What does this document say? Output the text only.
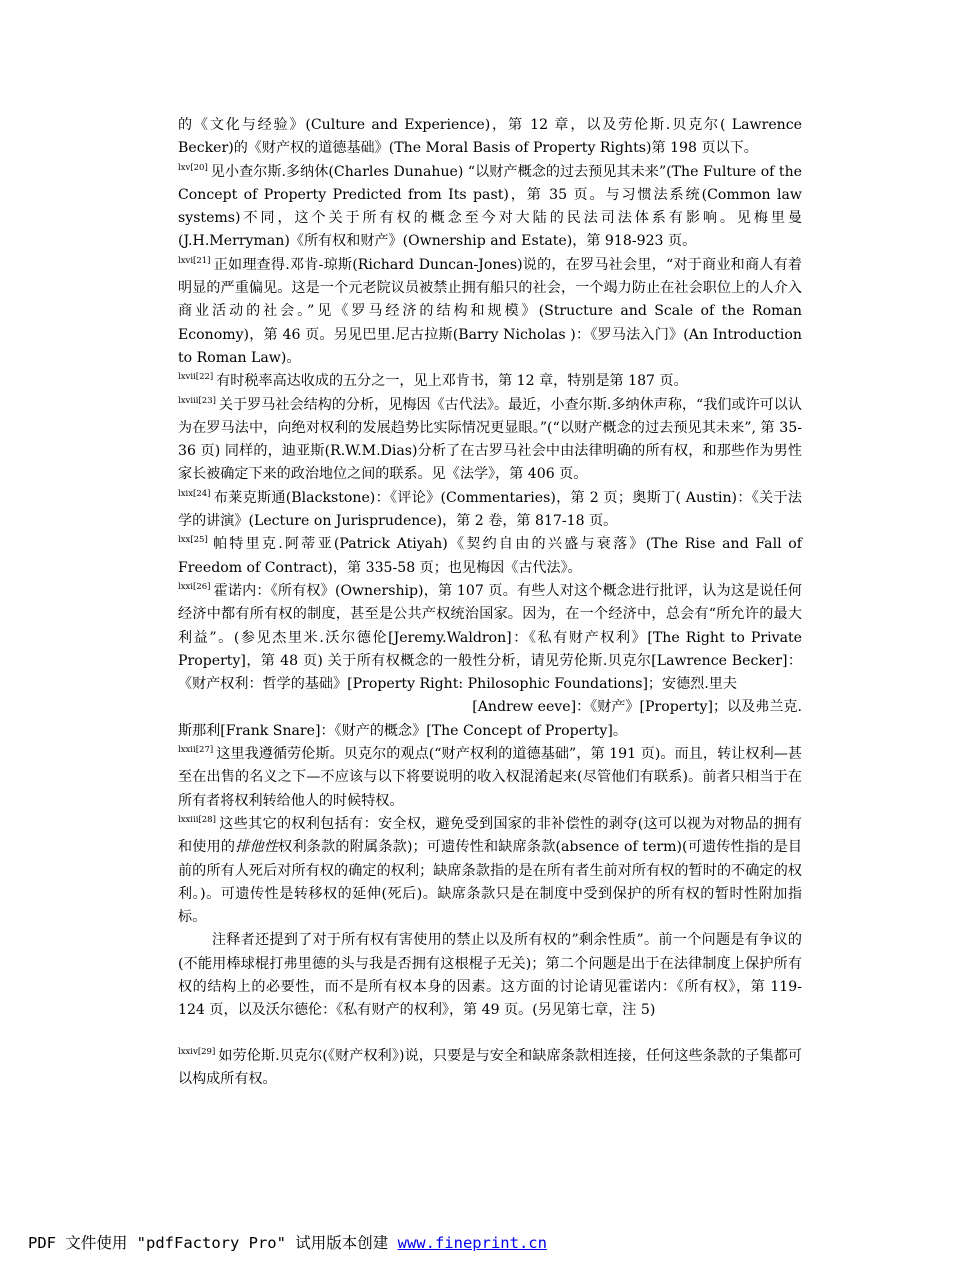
的《文化与经验》(Culture and Experience)，第 12 章，以及劳伦斯.贝克尔( Lawrence Becker)的《财产权的道德基础》(The Moral Basis of Property Rights)第 198 页以下。

$^{lxv[20]}$ 见小查尔斯.多纳休(Charles Dunahue) “以财产概念的过去预见其未来”(The Fulture of the Concept of Property Predicted from Its past)，第 35 页。与习惯法系统(Common law systems)不同，这个关于所有权的概念至今对大陆的民法司法体系有影响。见梅里曼(J.H.Merryman)《所有权和财产》(Ownership and Estate)，第 918-923 页。

$^{lxvi[21]}$ 正如理查得.邓肯-琼斯(Richard Duncan-Jones)说的，在罗马社会里，“对于商业和商人有着明显的严重偏见。这是一个元老院议员被禁止拥有船只的社会，一个竭力防止在社会职位上的人介入商业活动的社会。”见《罗马经济的结构和规模》(Structure and Scale of the Roman Economy)，第 46 页。另见巴里.尼古拉斯(Barry Nicholas )：《罗马法入门》(An Introduction to Roman Law)。

$^{lxvii[22]}$ 有时税率高达收成的五分之一，见上邓肯书，第 12 章，特别是第 187 页。

$^{lxviii[23]}$ 关于罗马社会结构的分析，见梅因《古代法》。最近，小查尔斯.多纳休声称，“我们或许可以认为在罗马法中，向绝对权利的发展趋势比实际情况更显眼。”(“以财产概念的过去预见其未来”, 第 35-36 页) 同样的，迪亚斯(R.W.M.Dias)分析了在古罗马社会中由法律明确的所有权，和那些作为男性家长被确定下来的政治地位之间的联系。见《法学》，第 406 页。

$^{lxix[24]}$ 布莱克斯通(Blackstone)：《评论》(Commentaries)，第 2 页；奥斯丁( Austin)：《关于法学的讲演》(Lecture on Jurisprudence)，第 2 卷，第 817-18 页。

$^{lxx[25]}$ 帕特里克.阿蒂亚(Patrick Atiyah)《契约自由的兴盛与衰落》(The Rise and Fall of Freedom of Contract)，第 335-58 页；也见梅因《古代法》。

$^{lxxi[26]}$ 霍诺内：《所有权》(Ownership)，第 107 页。有些人对这个概念进行批评，认为这是说任何经济中都有所有权的制度，甚至是公共产权统治国家。因为，在一个经济中，总会有“所允许的最大利益”。(参见杰里米.沃尔德伦[Jeremy.Waldron]：《私有财产权利》[The Right to Private Property]，第 48 页) 关于所有权概念的一般性分析，请见劳伦斯.贝克尔[Lawrence Becker]：《财产权利：哲学的基础》[Property Right: Philosophic Foundations]；安德烈.里夫

[Andrew eeve]：《财产》[Property]；以及弗兰克.

斯那利[Frank Snare]：《财产的概念》[The Concept of Property]。

$^{lxxii[27]}$ 这里我遵循劳伦斯。贝克尔的观点(“财产权利的道德基础”，第 191 页)。而且，转让权利—甚至在出售的名义之下—不应该与以下将要说明的收入权混淆起来(尽管他们有联系)。前者只相当于在所有者将权利转给他人的时候特权。

$^{lxxiii[28]}$ 这些其它的权利包括有：安全权，避免受到国家的非补偿性的剥夺(这可以视为对物品的拥有和使用的排他性权利条款的附属条款)；可遗传性和缺席条款(absence of term)(可遗传性指的是目前的所有人死后对所有权的确定的权利；缺席条款指的是在所有者生前对所有权的暂时的不确定的权利。)。可遗传性是转移权的延伸(死后)。缺席条款只是在制度中受到保护的所有权的暂时性附加指标。

注释者还提到了对于所有权有害使用的禁止以及所有权的”剩余性质”。前一个问题是有争议的(不能用棒球棍打弗里德的头与我是否拥有这根棍子无关)；第二个问题是出于在法律制度上保护所有权的结构上的必要性，而不是所有权本身的因素。这方面的讨论请见霍诺内：《所有权》，第 119-124 页，以及沃尔德伦：《私有财产的权利》，第 49 页。(另见第七章，注 5)

$^{lxxiv[29]}$ 如劳伦斯.贝克尔(《财产权利》)说，只要是与安全和缺席条款相连接，任何这些条款的子集都可以构成所有权。

PDF 文件使用 "pdfFactory Pro" 试用版本创建 www.fineprint.cn
